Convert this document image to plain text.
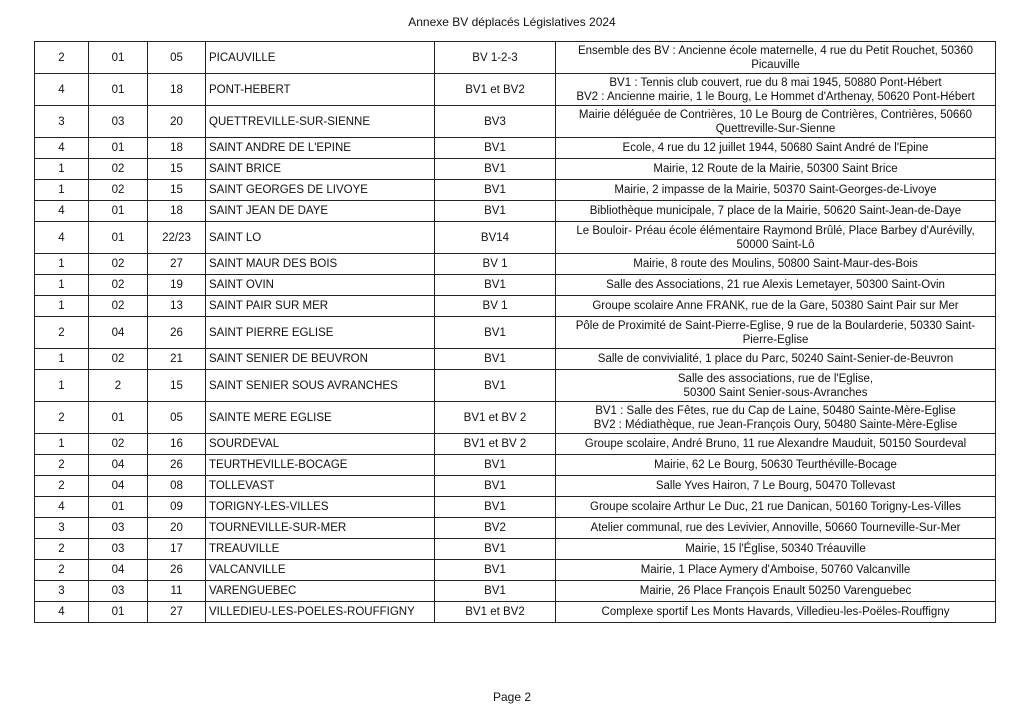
Annexe BV déplacés Législatives 2024
2	01	05	PICAUVILLE	BV 1-2-3	Ensemble des BV : Ancienne école maternelle, 4 rue du Petit Rouchet, 50360
Picauville
4	01	18	PONT-HEBERT	BV1 et BV2	BV1 : Tennis club couvert, rue du 8 mai 1945, 50880 Pont-Hébert
BV2 : Ancienne mairie, 1 le Bourg, Le Hommet d'Arthenay, 50620 Pont-Hébert
3	03	20	QUETTREVILLE-SUR-SIENNE	BV3	Mairie déléguée de Contrières, 10 Le Bourg de Contrières, Contrières, 50660
Quettreville-Sur-Sienne
4	01	18	SAINT ANDRE DE L'EPINE	BV1	Ecole, 4 rue du 12 juillet 1944, 50680 Saint André de l'Epine
1	02	15	SAINT BRICE	BV1	Mairie, 12 Route de la Mairie, 50300 Saint Brice
1	02	15	SAINT GEORGES DE LIVOYE	BV1	Mairie, 2 impasse de la Mairie, 50370 Saint-Georges-de-Livoye
4	01	18	SAINT JEAN DE DAYE	BV1	Bibliothèque municipale, 7 place de la Mairie, 50620 Saint-Jean-de-Daye
4	01	22/23	SAINT LO	BV14	Le Bouloir- Préau école élémentaire Raymond Brûlé, Place Barbey d'Aurévilly,
50000 Saint-Lô
1	02	27	SAINT MAUR DES BOIS	BV 1	Mairie, 8 route des Moulins, 50800 Saint-Maur-des-Bois
1	02	19	SAINT OVIN	BV1	Salle des Associations, 21 rue Alexis Lemetayer, 50300 Saint-Ovin
1	02	13	SAINT PAIR SUR MER	BV 1	Groupe scolaire Anne FRANK, rue de la Gare, 50380 Saint Pair sur Mer
2	04	26	SAINT PIERRE EGLISE	BV1	Pôle de Proximité de Saint-Pierre-Eglise, 9 rue de la Boularderie, 50330 Saint-
Pierre-Eglise
1	02	21	SAINT SENIER DE BEUVRON	BV1	Salle de convivialité, 1 place du Parc, 50240 Saint-Senier-de-Beuvron
1	2	15	SAINT SENIER SOUS AVRANCHES	BV1	Salle des associations, rue de l'Eglise,
50300 Saint Senier-sous-Avranches
2	01	05	SAINTE MERE EGLISE	BV1 et BV 2	BV1 : Salle des Fêtes, rue du Cap de Laine, 50480 Sainte-Mère-Eglise
BV2 : Médiathèque, rue Jean-François Oury, 50480 Sainte-Mère-Eglise
1	02	16	SOURDEVAL	BV1 et BV 2	Groupe scolaire, André Bruno, 11 rue Alexandre Mauduit, 50150 Sourdeval
2	04	26	TEURTHEVILLE-BOCAGE	BV1	Mairie, 62 Le Bourg, 50630 Teurthéville-Bocage
2	04	08	TOLLEVAST	BV1	Salle Yves Hairon, 7 Le Bourg, 50470 Tollevast
4	01	09	TORIGNY-LES-VILLES	BV1	Groupe scolaire Arthur Le Duc, 21 rue Danican, 50160 Torigny-Les-Villes
3	03	20	TOURNEVILLE-SUR-MER	BV2	Atelier communal, rue des Levivier, Annoville, 50660 Tourneville-Sur-Mer
2	03	17	TREAUVILLE	BV1	Mairie, 15 l'Église, 50340 Tréauville
2	04	26	VALCANVILLE	BV1	Mairie, 1 Place Aymery d'Amboise, 50760 Valcanville
3	03	11	VARENGUEBEC	BV1	Mairie, 26 Place François Enault 50250 Varenguebec
4	01	27	VILLEDIEU-LES-POELES-ROUFFIGNY	BV1 et BV2	Complexe sportif Les Monts Havards, Villedieu-les-Poëles-Rouffigny
Page 2
